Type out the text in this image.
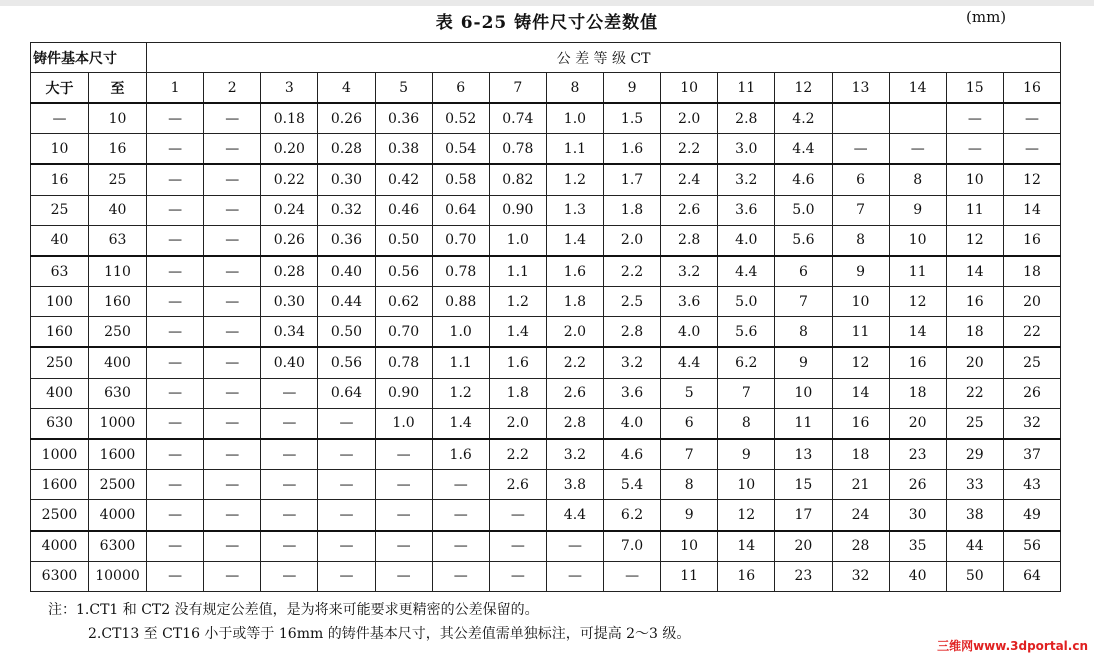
表 6-25 铸件尺寸公差数值	(mm)
铸件基本尺寸		公 差 等 级 CT															
大于	至	1	2	3	4	5	6	7	8	9	10	11	12	13	14	15	16
—	10	—	—	0.18	0.26	0.36	0.52	0.74	1.0	1.5	2.0	2.8	4.2			—	—
10	16	—	—	0.20	0.28	0.38	0.54	0.78	1.1	1.6	2.2	3.0	4.4	—	—	—	—
16	25	—	—	0.22	0.30	0.42	0.58	0.82	1.2	1.7	2.4	3.2	4.6	6	8	10	12
25	40	—	—	0.24	0.32	0.46	0.64	0.90	1.3	1.8	2.6	3.6	5.0	7	9	11	14
40	63	—	—	0.26	0.36	0.50	0.70	1.0	1.4	2.0	2.8	4.0	5.6	8	10	12	16
63	110	—	—	0.28	0.40	0.56	0.78	1.1	1.6	2.2	3.2	4.4	6	9	11	14	18
100	160	—	—	0.30	0.44	0.62	0.88	1.2	1.8	2.5	3.6	5.0	7	10	12	16	20
160	250	—	—	0.34	0.50	0.70	1.0	1.4	2.0	2.8	4.0	5.6	8	11	14	18	22
250	400	—	—	0.40	0.56	0.78	1.1	1.6	2.2	3.2	4.4	6.2	9	12	16	20	25
400	630	—	—	—	0.64	0.90	1.2	1.8	2.6	3.6	5	7	10	14	18	22	26
630	1000	—	—	—	—	1.0	1.4	2.0	2.8	4.0	6	8	11	16	20	25	32
1000	1600	—	—	—	—	—	1.6	2.2	3.2	4.6	7	9	13	18	23	29	37
1600	2500	—	—	—	—	—	—	2.6	3.8	5.4	8	10	15	21	26	33	43
2500	4000	—	—	—	—	—	—	—	4.4	6.2	9	12	17	24	30	38	49
4000	6300	—	—	—	—	—	—	—	—	7.0	10	14	20	28	35	44	56
6300	10000	—	—	—	—	—	—	—	—	—	11	16	23	32	40	50	64
注：1.CT1 和 CT2 没有规定公差值，是为将来可能要求更精密的公差保留的。
2.CT13 至 CT16 小于或等于 16mm 的铸件基本尺寸，其公差值需单独标注，可提高 2～3 级。
三维网www.3dportal.cn
